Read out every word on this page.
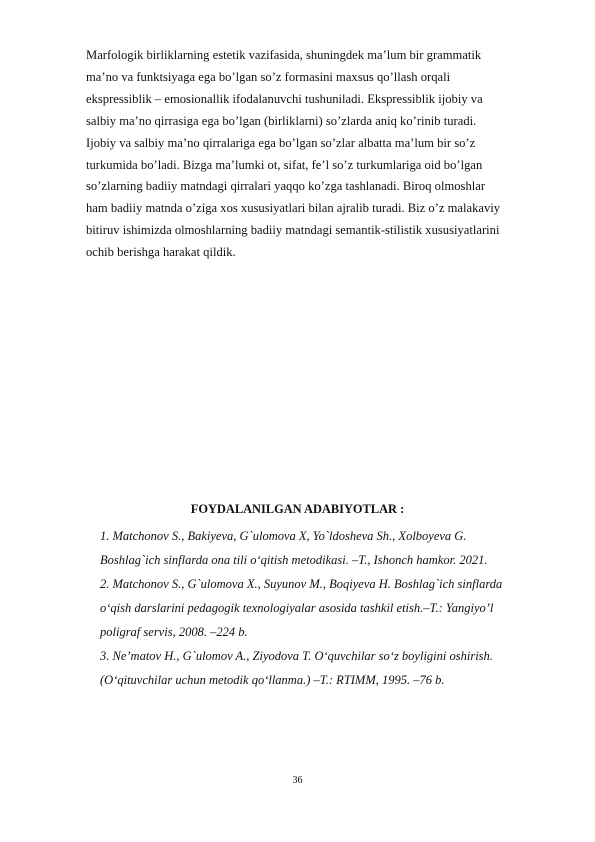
Marfologik birliklarning estetik vazifasida, shuningdek ma’lum bir grammatik
ma’no va funktsiyaga ega bo’lgan so’z formasini maxsus qo’llash orqali
ekspressiblik – emosionallik ifodalanuvchi tushuniladi. Ekspressiblik ijobiy va
salbiy ma’no qirrasiga ega bo’lgan (birliklarni) so’zlarda aniq ko’rinib turadi.
Ijobiy va salbiy ma’no qirralariga ega bo’lgan so’zlar albatta ma’lum bir so’z
turkumida bo’ladi. Bizga ma’lumki ot, sifat, fe’l so’z turkumlariga oid bo’lgan
so’zlarning badiiy matndagi qirralari yaqqo ko’zga tashlanadi. Biroq olmoshlar
ham badiiy matnda o’ziga xos xususiyatlari bilan ajralib turadi. Biz o’z malakaviy
bitiruv ishimizda olmoshlarning badiiy matndagi semantik-stilistik xususiyatlarini
ochib berishga harakat qildik.
FOYDALANILGAN ADABIYOTLAR :
1. Matchonov S., Bakiyeva, G`ulomova X, Yo`ldosheva Sh., Xolboyeva G.
Boshlag`ich sinflarda ona tili o‘qitish metodikasi. –T., Ishonch hamkor. 2021.
2. Matchonov S., G`ulomova X., Suyunov M., Boqiyeva H. Boshlag`ich sinflarda
o‘qish darslarini pedagogik texnologiyalar asosida tashkil etish.–T.: Yangiyo’l
poligraf servis, 2008. –224 b.
3. Ne’matov H., G`ulomov A., Ziyodova T. O‘quvchilar so‘z boyligini oshirish.
(O‘qituvchilar uchun metodik qo‘llanma.) –T.: RTIMM, 1995. –76 b.
36
